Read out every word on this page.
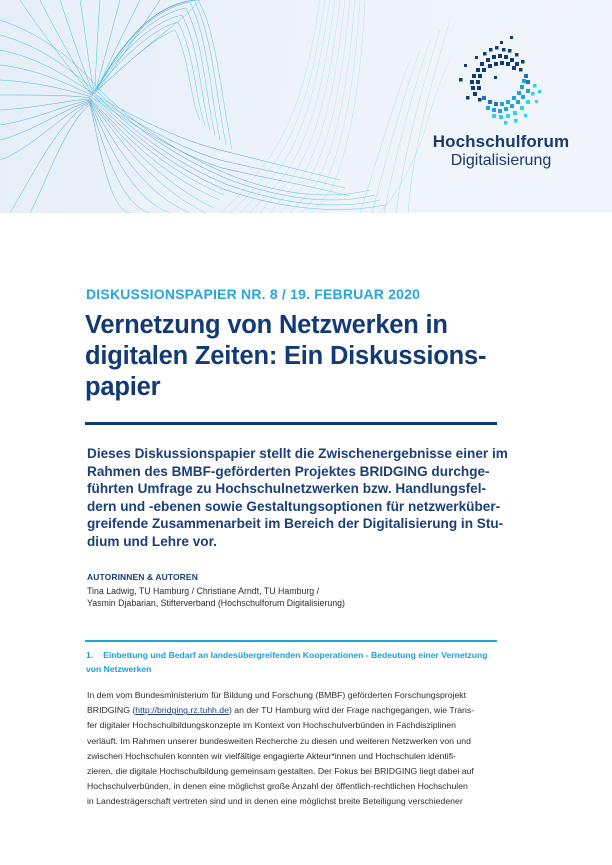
Hochschulforum
Digitalisierung
DISKUSSIONSPAPIER NR. 8 / 19. FEBRUAR 2020
Vernetzung von Netzwerken in
digitalen Zeiten: Ein Diskussions-
papier
Dieses Diskussionspapier stellt die Zwischenergebnisse einer im
Rahmen des BMBF-geförderten Projektes BRIDGING durchge-
führten Umfrage zu Hochschulnetzwerken bzw. Handlungsfel-
dern und -ebenen sowie Gestaltungsoptionen für netzwerküber-
greifende Zusammenarbeit im Bereich der Digitalisierung in Stu-
dium und Lehre vor.
AUTORINNEN & AUTOREN
Tina Ladwig, TU Hamburg / Christiane Arndt, TU Hamburg /
Yasmin Djabarian, Stifterverband (Hochschulforum Digitalisierung)
1. Einbettung und Bedarf an landesübergreifenden Kooperationen - Bedeutung einer Vernetzung
von Netzwerken
In dem vom Bundesministerium für Bildung und Forschung (BMBF) geförderten Forschungsprojekt
BRIDGING (http://bridging.rz.tuhh.de) an der TU Hamburg wird der Frage nachgegangen, wie Trans-
fer digitaler Hochschulbildungskonzepte im Kontext von Hochschulverbünden in Fachdisziplinen
verläuft. Im Rahmen unserer bundesweiten Recherche zu diesen und weiteren Netzwerken von und
zwischen Hochschulen konnten wir vielfältige engagierte Akteur*innen und Hochschulen identifi-
zieren, die digitale Hochschulbildung gemeinsam gestalten. Der Fokus bei BRIDGING liegt dabei auf
Hochschulverbünden, in denen eine möglichst große Anzahl der öffentlich-rechtlichen Hochschulen
in Landesträgerschaft vertreten sind und in denen eine möglichst breite Beteiligung verschiedener
